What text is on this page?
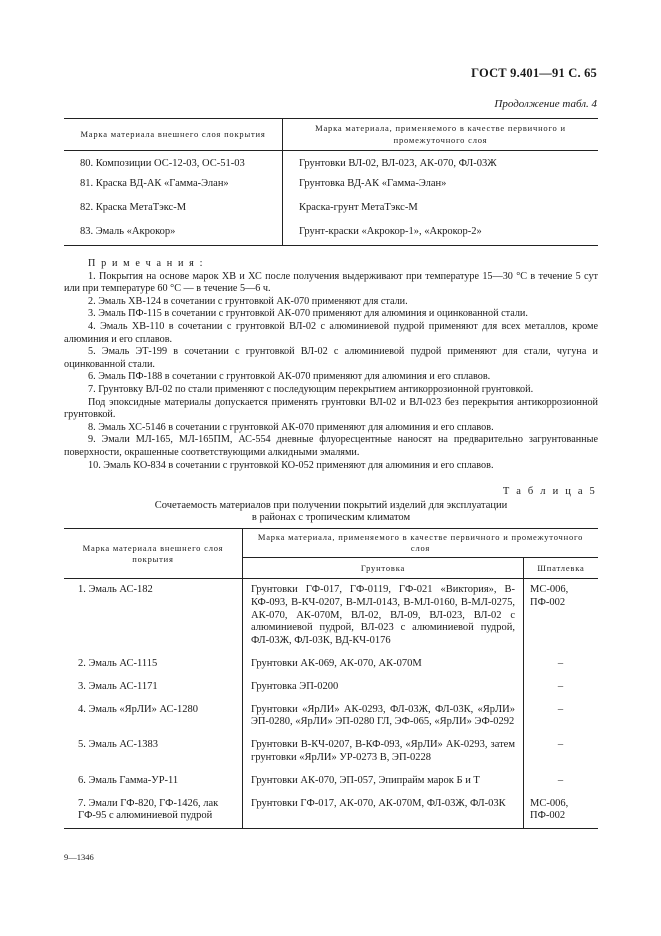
ГОСТ 9.401—91 С. 65
Продолжение табл. 4
Марка материала внешнего слоя покрытия	Марка материала, применяемого в качестве первичного и промежуточного слоя
80. Композиции ОС-12-03, ОС-51-03	Грунтовки ВЛ-02, ВЛ-023, АК-070, ФЛ-03Ж
81. Краска ВД-АК «Гамма-Элан»	Грунтовка ВД-АК «Гамма-Элан»
82. Краска МетаТэкс-М	Краска-грунт МетаТэкс-М
83. Эмаль «Акрокор»	Грунт-краски «Акрокор-1», «Акрокор-2»
П р и м е ч а н и я :

1. Покрытия на основе марок ХВ и ХС после получения выдерживают при температуре 15—30 °С в течение 5 сут или при температуре 60 °С — в течение 5—6 ч.

2. Эмаль ХВ-124 в сочетании с грунтовкой АК-070 применяют для стали.

3. Эмаль ПФ-115 в сочетании с грунтовкой АК-070 применяют для алюминия и оцинкованной стали.

4. Эмаль ХВ-110 в сочетании с грунтовкой ВЛ-02 с алюминиевой пудрой применяют для всех металлов, кроме алюминия и его сплавов.

5. Эмаль ЭТ-199 в сочетании с грунтовкой ВЛ-02 с алюминиевой пудрой применяют для стали, чугуна и оцинкованной стали.

6. Эмаль ПФ-188 в сочетании с грунтовкой АК-070 применяют для алюминия и его сплавов.

7. Грунтовку ВЛ-02 по стали применяют с последующим перекрытием антикоррозионной грунтовкой.

Под эпоксидные материалы допускается применять грунтовки ВЛ-02 и ВЛ-023 без перекрытия антикоррозионной грунтовкой.

8. Эмаль ХС-5146 в сочетании с грунтовкой АК-070 применяют для алюминия и его сплавов.

9. Эмали МЛ-165, МЛ-165ПМ, АС-554 дневные флуоресцентные наносят на предварительно загрунтованные поверхности, окрашенные соответствующими алкидными эмалями.

10. Эмаль КО-834 в сочетании с грунтовкой КО-052 применяют для алюминия и его сплавов.

Т а б л и ц а 5
Сочетаемость материалов при получении покрытий изделий для эксплуатации
в районах с тропическим климатом
Марка материала внешнего слоя покрытия	Марка материала, применяемого в качестве первичного и промежуточного слоя	
	Грунтовка	Шпатлевка
1. Эмаль АС-182	Грунтовки ГФ-017, ГФ-0119, ГФ-021 «Виктория», В-КФ-093, В-КЧ-0207, В-МЛ-0143, В-МЛ-0160, В-МЛ-0275, АК-070, АК-070М, ВЛ-02, ВЛ-09, ВЛ-023, ВЛ-02 с алюминиевой пудрой, ВЛ-023 с алюминиевой пудрой, ФЛ-03Ж, ФЛ-03К, ВД-КЧ-0176	МС-006, ПФ-002
2. Эмаль АС-1115	Грунтовки АК-069, АК-070, АК-070М	–
3. Эмаль АС-1171	Грунтовка ЭП-0200	–
4. Эмаль «ЯрЛИ» АС-1280	Грунтовки «ЯрЛИ» АК-0293, ФЛ-03Ж, ФЛ-03К, «ЯрЛИ» ЭП-0280, «ЯрЛИ» ЭП-0280 ГЛ, ЭФ-065, «ЯрЛИ» ЭФ-0292	–
5. Эмаль АС-1383	Грунтовки В-КЧ-0207, В-КФ-093, «ЯрЛИ» АК-0293, затем грунтовки «ЯрЛИ» УР-0273 В, ЭП-0228	–
6. Эмаль Гамма-УР-11	Грунтовки АК-070, ЭП-057, Эпипрайм марок Б и Т	–
7. Эмали ГФ-820, ГФ-1426, лак ГФ-95 с алюминиевой пудрой	Грунтовки ГФ-017, АК-070, АК-070М, ФЛ-03Ж, ФЛ-03К	МС-006, ПФ-002
9—1346
